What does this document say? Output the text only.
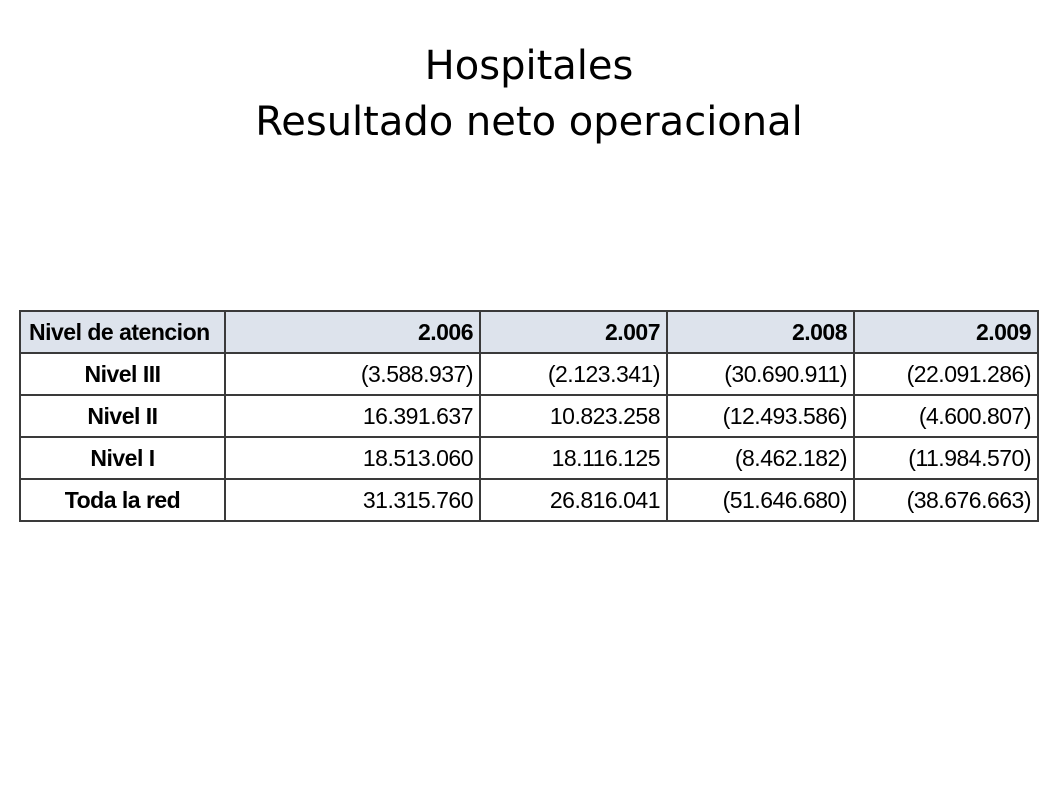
Hospitales
Resultado neto operacional
Nivel de atencion	2.006	2.007	2.008	2.009
Nivel III	(3.588.937)	(2.123.341)	(30.690.911)	(22.091.286)
Nivel II	16.391.637	10.823.258	(12.493.586)	(4.600.807)
Nivel I	18.513.060	18.116.125	(8.462.182)	(11.984.570)
Toda la red	31.315.760	26.816.041	(51.646.680)	(38.676.663)
